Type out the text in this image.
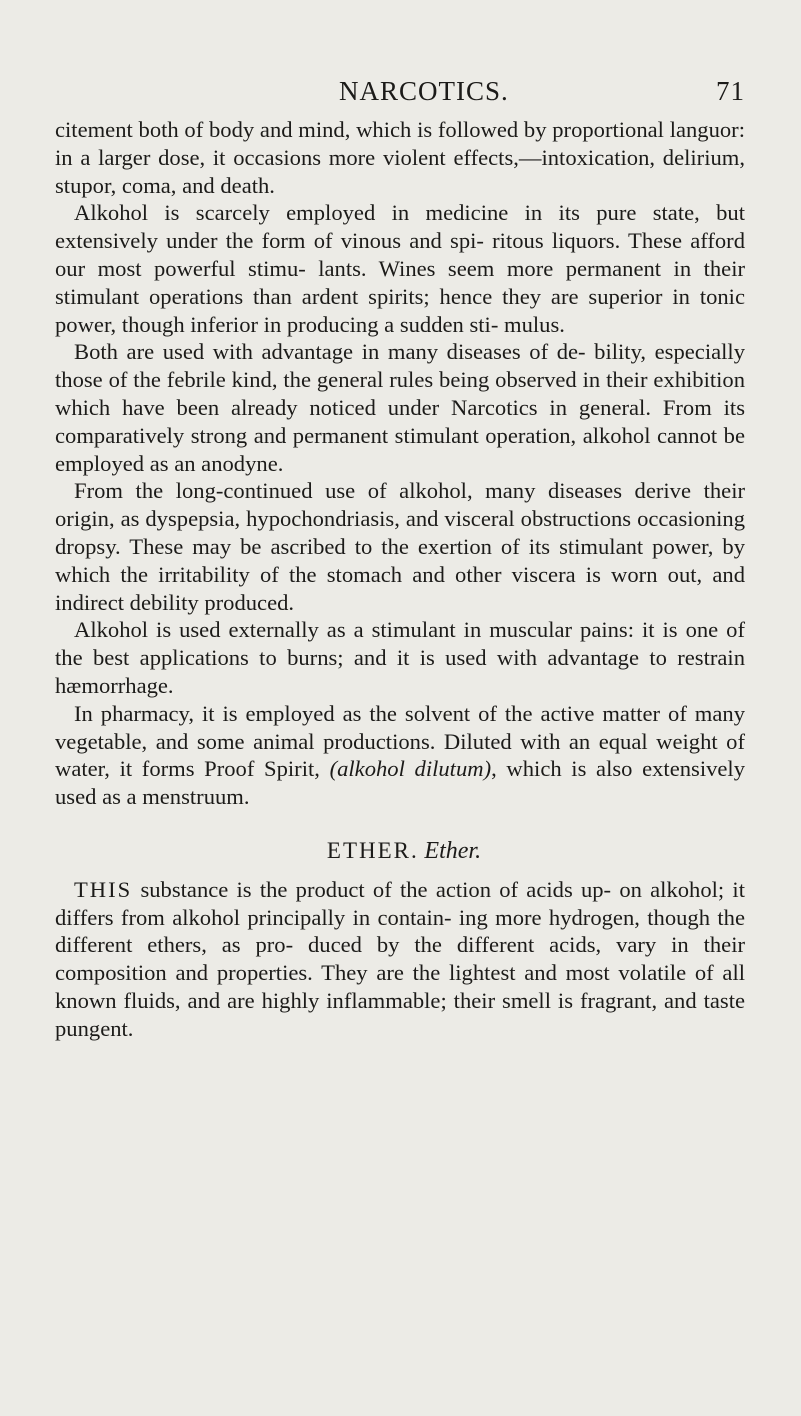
NARCOTICS.	71

citement both of body and mind, which is followed by proportional languor: in a larger dose, it occasions more violent effects,—intoxication, delirium, stupor, coma, and death.

Alkohol is scarcely employed in medicine in its pure state, but extensively under the form of vinous and spi- ritous liquors. These afford our most powerful stimu- lants. Wines seem more permanent in their stimulant operations than ardent spirits; hence they are superior in tonic power, though inferior in producing a sudden sti- mulus.

Both are used with advantage in many diseases of de- bility, especially those of the febrile kind, the general rules being observed in their exhibition which have been already noticed under Narcotics in general. From its comparatively strong and permanent stimulant operation, alkohol cannot be employed as an anodyne.

From the long-continued use of alkohol, many diseases derive their origin, as dyspepsia, hypochondriasis, and visceral obstructions occasioning dropsy. These may be ascribed to the exertion of its stimulant power, by which the irritability of the stomach and other viscera is worn out, and indirect debility produced.

Alkohol is used externally as a stimulant in muscular pains: it is one of the best applications to burns; and it is used with advantage to restrain hæmorrhage.

In pharmacy, it is employed as the solvent of the active matter of many vegetable, and some animal productions. Diluted with an equal weight of water, it forms Proof Spirit, (alkohol dilutum), which is also extensively used as a menstruum.

ETHER. Ether.

THIS substance is the product of the action of acids up- on alkohol; it differs from alkohol principally in contain- ing more hydrogen, though the different ethers, as pro- duced by the different acids, vary in their composition and properties. They are the lightest and most volatile of all known fluids, and are highly inflammable; their smell is fragrant, and taste pungent.
